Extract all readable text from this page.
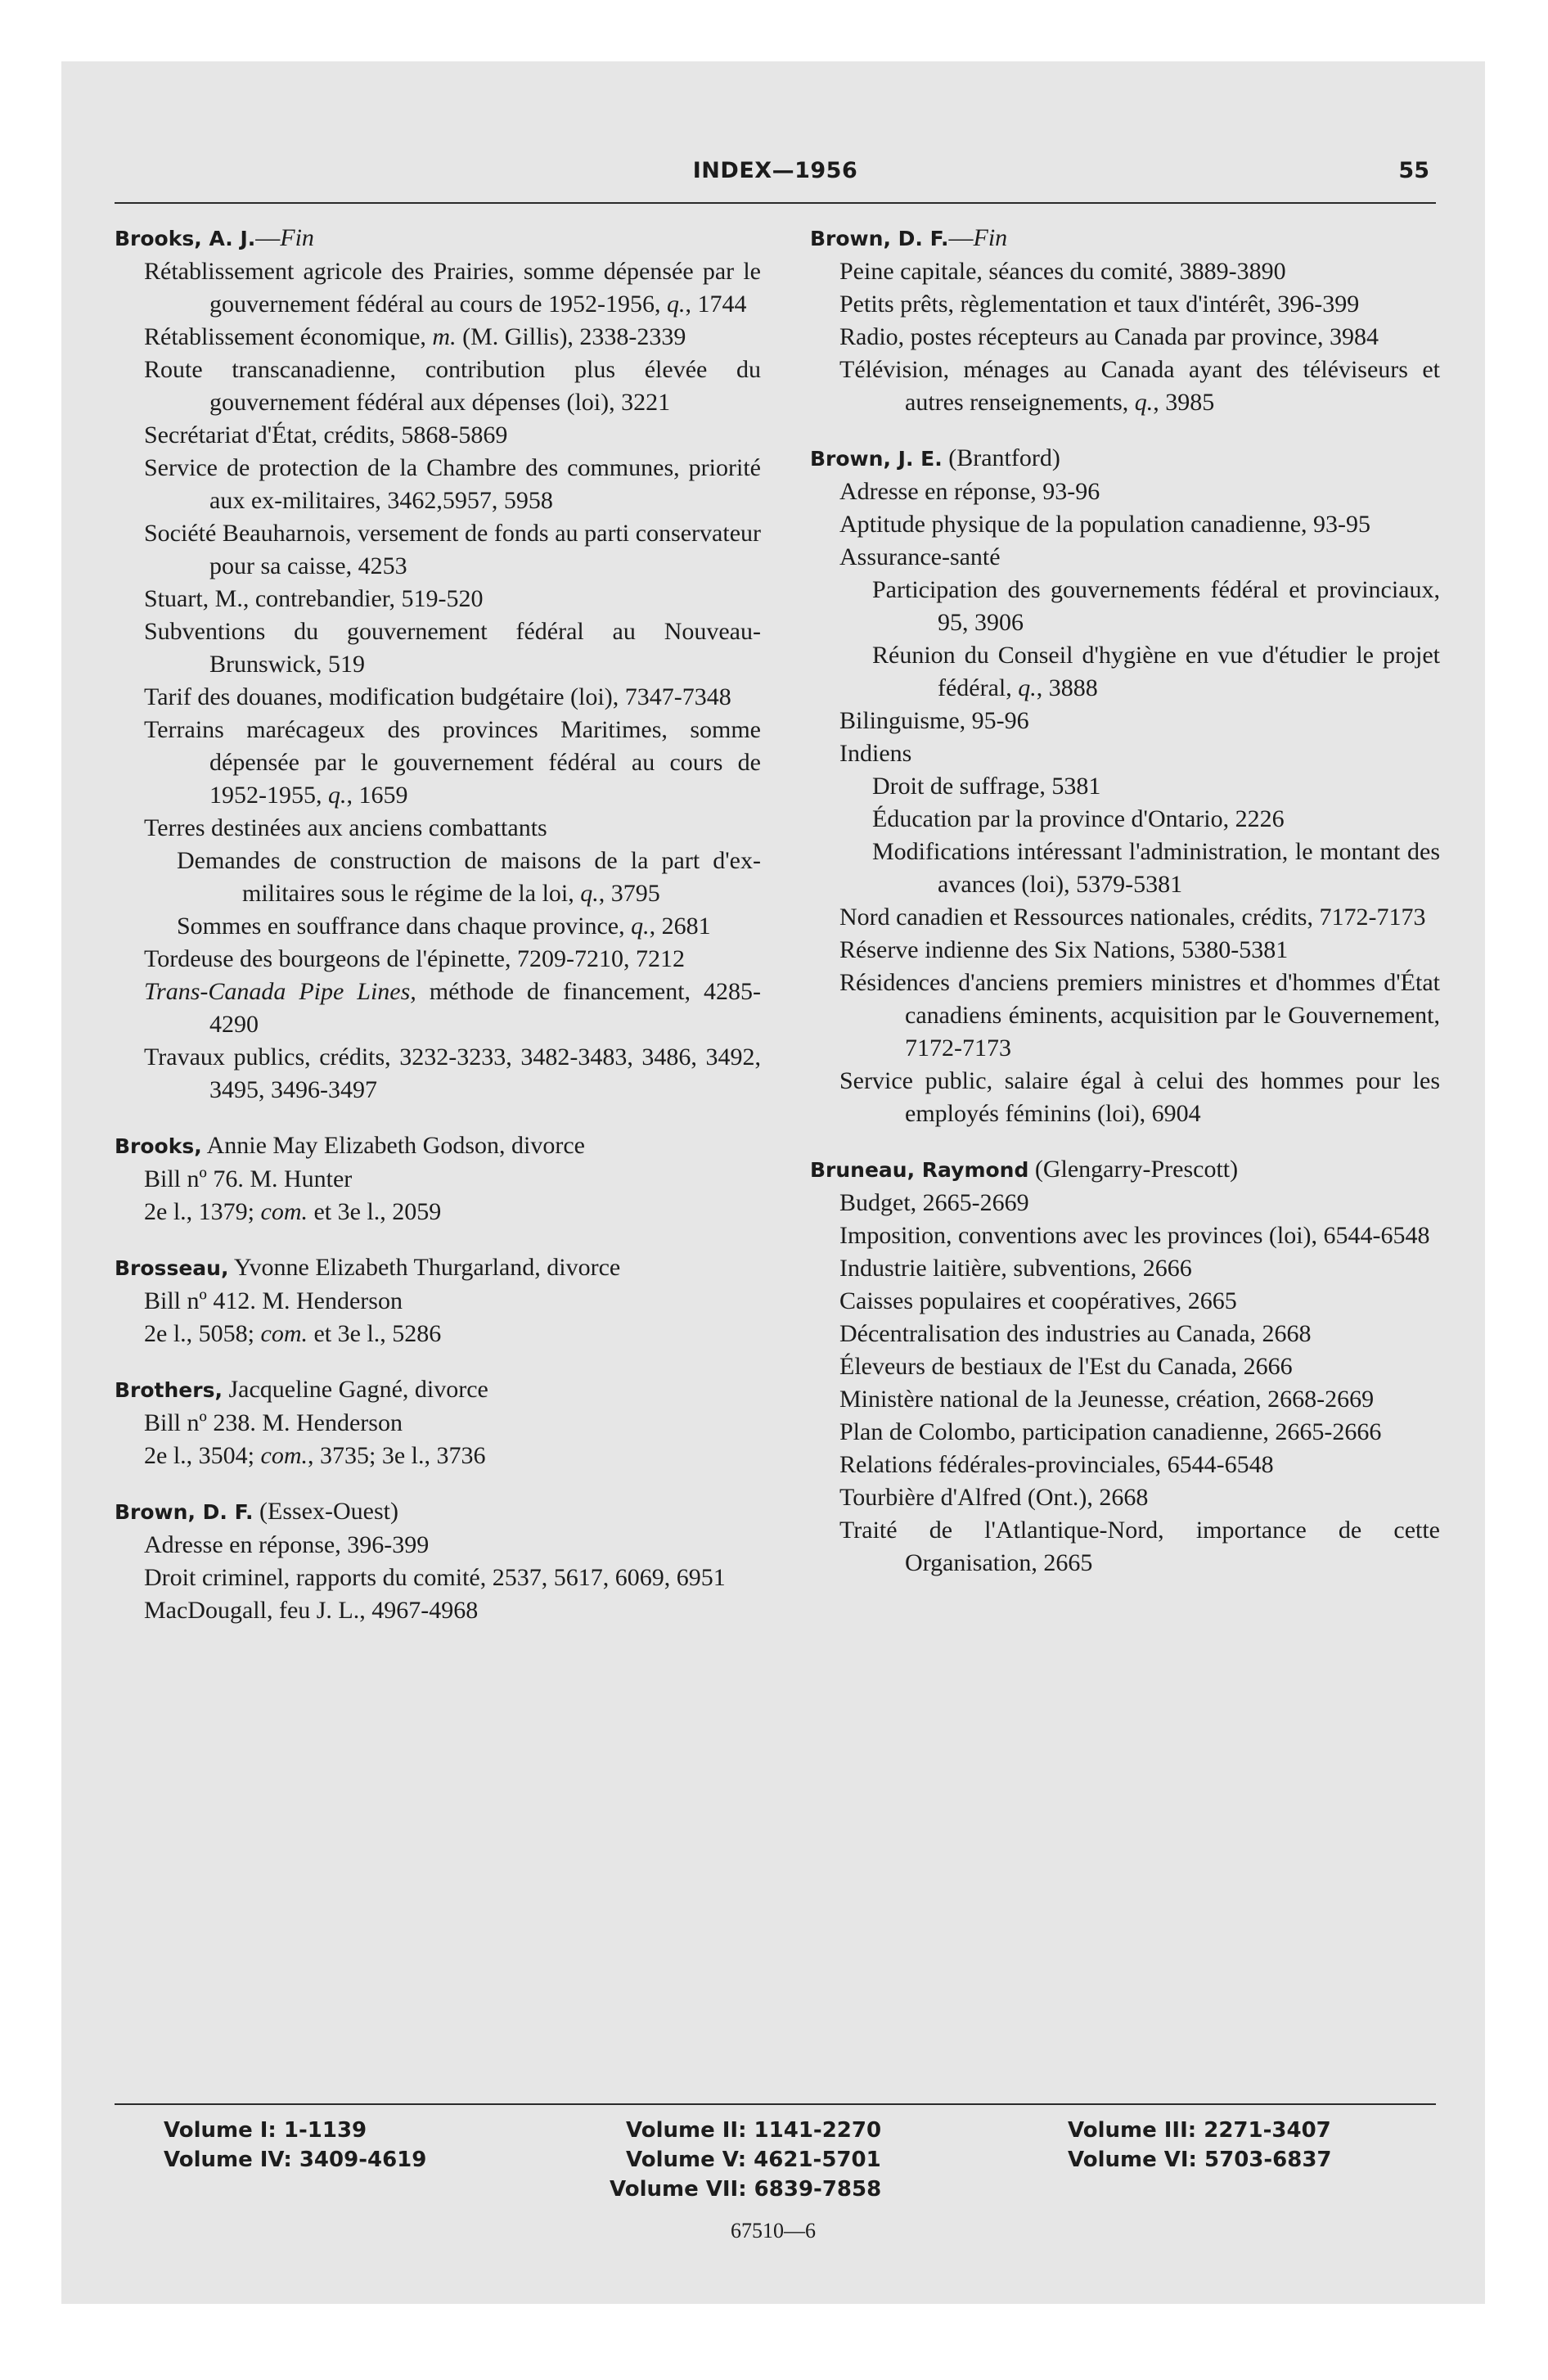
INDEX—1956	55

Brooks, A. J.—Fin

Rétablissement agricole des Prairies, somme dépensée par le gouvernement fédéral au cours de 1952-1956, q., 1744

Rétablissement économique, m. (M. Gillis), 2338-2339

Route transcanadienne, contribution plus élevée du gouvernement fédéral aux dépenses (loi), 3221

Secrétariat d'État, crédits, 5868-5869

Service de protection de la Chambre des communes, priorité aux ex-militaires, 3462,5957, 5958

Société Beauharnois, versement de fonds au parti conservateur pour sa caisse, 4253

Stuart, M., contrebandier, 519-520

Subventions du gouvernement fédéral au Nouveau-Brunswick, 519

Tarif des douanes, modification budgétaire (loi), 7347-7348

Terrains marécageux des provinces Maritimes, somme dépensée par le gouvernement fédéral au cours de 1952-1955, q., 1659

Terres destinées aux anciens combattants

Demandes de construction de maisons de la part d'ex-militaires sous le régime de la loi, q., 3795

Sommes en souffrance dans chaque province, q., 2681

Tordeuse des bourgeons de l'épinette, 7209-7210, 7212

Trans-Canada Pipe Lines, méthode de financement, 4285-4290

Travaux publics, crédits, 3232-3233, 3482-3483, 3486, 3492, 3495, 3496-3497

Brooks, Annie May Elizabeth Godson, divorce

Bill nº 76. M. Hunter

2e l., 1379; com. et 3e l., 2059

Brosseau, Yvonne Elizabeth Thurgarland, divorce

Bill nº 412. M. Henderson

2e l., 5058; com. et 3e l., 5286

Brothers, Jacqueline Gagné, divorce

Bill nº 238. M. Henderson

2e l., 3504; com., 3735; 3e l., 3736

Brown, D. F. (Essex-Ouest)

Adresse en réponse, 396-399

Droit criminel, rapports du comité, 2537, 5617, 6069, 6951

MacDougall, feu J. L., 4967-4968

Brown, D. F.—Fin

Peine capitale, séances du comité, 3889-3890

Petits prêts, règlementation et taux d'intérêt, 396-399

Radio, postes récepteurs au Canada par province, 3984

Télévision, ménages au Canada ayant des téléviseurs et autres renseignements, q., 3985

Brown, J. E. (Brantford)

Adresse en réponse, 93-96

Aptitude physique de la population canadienne, 93-95

Assurance-santé

Participation des gouvernements fédéral et provinciaux, 95, 3906

Réunion du Conseil d'hygiène en vue d'étudier le projet fédéral, q., 3888

Bilinguisme, 95-96

Indiens

Droit de suffrage, 5381

Éducation par la province d'Ontario, 2226

Modifications intéressant l'administration, le montant des avances (loi), 5379-5381

Nord canadien et Ressources nationales, crédits, 7172-7173

Réserve indienne des Six Nations, 5380-5381

Résidences d'anciens premiers ministres et d'hommes d'État canadiens éminents, acquisition par le Gouvernement, 7172-7173

Service public, salaire égal à celui des hommes pour les employés féminins (loi), 6904

Bruneau, Raymond (Glengarry-Prescott)

Budget, 2665-2669

Imposition, conventions avec les provinces (loi), 6544-6548

Industrie laitière, subventions, 2666

Caisses populaires et coopératives, 2665

Décentralisation des industries au Canada, 2668

Éleveurs de bestiaux de l'Est du Canada, 2666

Ministère national de la Jeunesse, création, 2668-2669

Plan de Colombo, participation canadienne, 2665-2666

Relations fédérales-provinciales, 6544-6548

Tourbière d'Alfred (Ont.), 2668

Traité de l'Atlantique-Nord, importance de cette Organisation, 2665

Volume I: 1-1139	Volume II: 1141-2270	Volume III: 2271-3407
Volume IV: 3409-4619	Volume V: 4621-5701	Volume VI: 5703-6837
Volume VII: 6839-7858
67510—6
